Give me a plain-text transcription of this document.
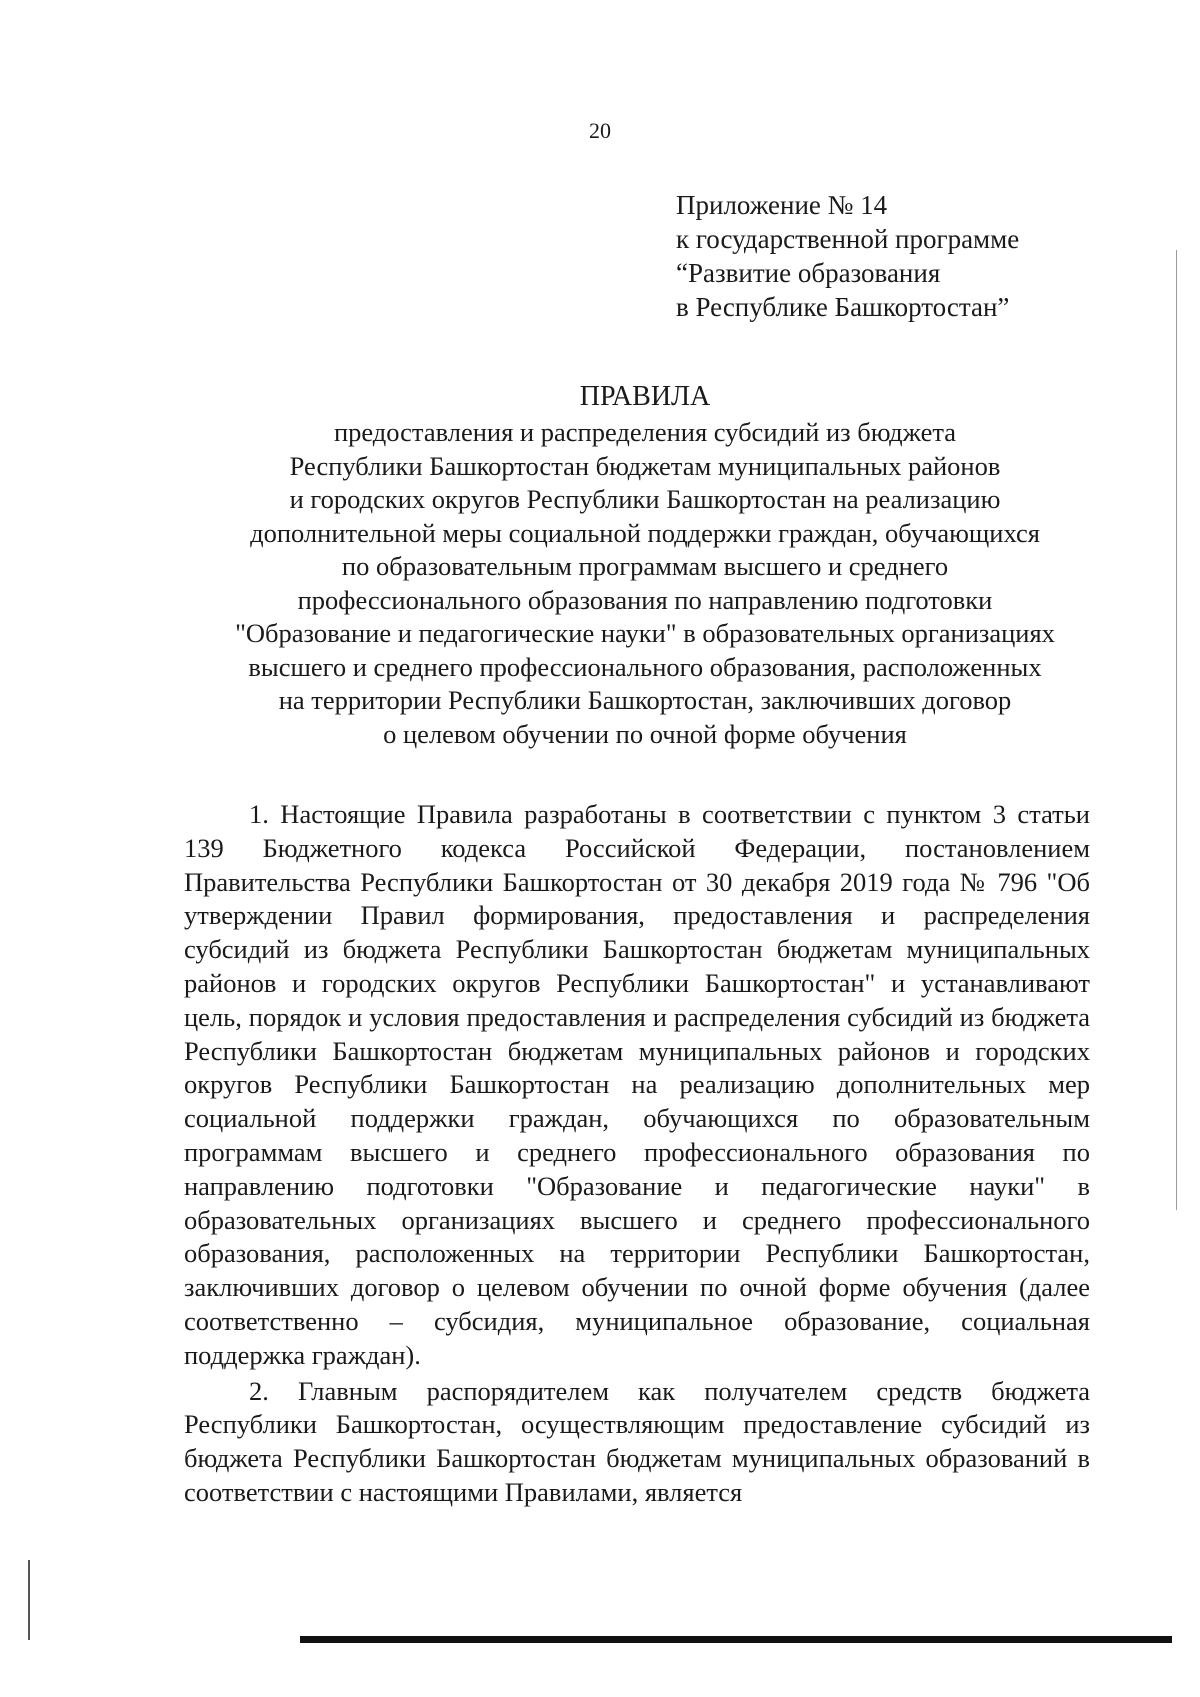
20
Приложение № 14
к государственной программе
“Развитие образования
в Республике Башкортостан”
ПРАВИЛА
предоставления и распределения субсидий из бюджета
Республики Башкортостан бюджетам муниципальных районов
и городских округов Республики Башкортостан на реализацию
дополнительной меры социальной поддержки граждан, обучающихся
по образовательным программам высшего и среднего
профессионального образования по направлению подготовки
"Образование и педагогические науки" в образовательных организациях
высшего и среднего профессионального образования, расположенных
на территории Республики Башкортостан, заключивших договор
о целевом обучении по очной форме обучения

1. Настоящие Правила разработаны в соответствии с пунктом 3 статьи 139 Бюджетного кодекса Российской Федерации, постановлением Правительства Республики Башкортостан от 30 декабря 2019 года № 796 "Об утверждении Правил формирования, предоставления и распределения субсидий из бюджета Республики Башкортостан бюджетам муниципальных районов и городских округов Республики Башкортостан" и устанавливают цель, порядок и условия предоставления и распределения субсидий из бюджета Республики Башкортостан бюджетам муниципальных районов и городских округов Республики Башкортостан на реализацию дополнительных мер социальной поддержки граждан, обучающихся по образовательным программам высшего и среднего профессионального образования по направлению подготовки "Образование и педагогические науки" в образовательных организациях высшего и среднего профессионального образования, расположенных на территории Республики Башкортостан, заключивших договор о целевом обучении по очной форме обучения (далее соответственно – субсидия, муниципальное образование, социальная поддержка граждан).

2. Главным распорядителем как получателем средств бюджета Республики Башкортостан, осуществляющим предоставление субсидий из бюджета Республики Башкортостан бюджетам муниципальных образований в соответствии с настоящими Правилами, является
